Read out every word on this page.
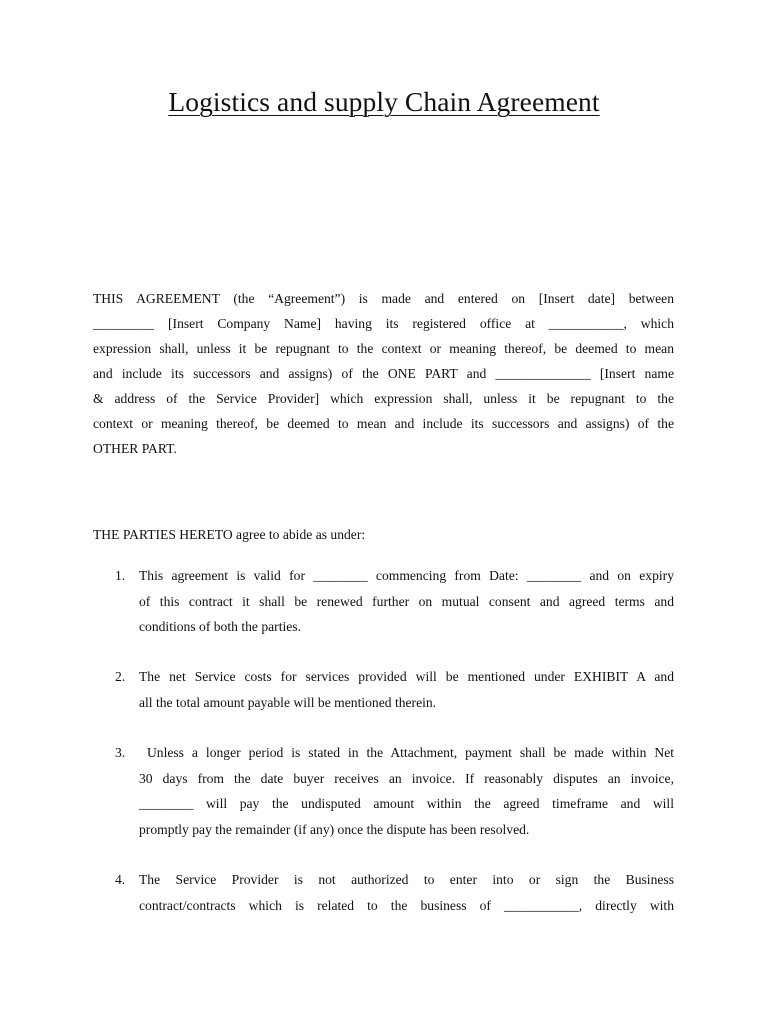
Logistics and supply Chain Agreement
THIS AGREEMENT (the “Agreement”) is made and entered on [Insert date] between
_________ [Insert Company Name] having its registered office at ___________, which
expression shall, unless it be repugnant to the context or meaning thereof, be deemed to mean
and include its successors and assigns) of the ONE PART and ______________ [Insert name
& address of the Service Provider] which expression shall, unless it be repugnant to the
context or meaning thereof, be deemed to mean and include its successors and assigns) of the
OTHER PART.
THE PARTIES HERETO agree to abide as under:
1. This agreement is valid for ________ commencing from Date: ________ and on expiry
of this contract it shall be renewed further on mutual consent and agreed terms and
conditions of both the parties.
2. The net Service costs for services provided will be mentioned under EXHIBIT A and
all the total amount payable will be mentioned therein.
3. Unless a longer period is stated in the Attachment, payment shall be made within Net
30 days from the date buyer receives an invoice. If reasonably disputes an invoice,
________ will pay the undisputed amount within the agreed timeframe and will
promptly pay the remainder (if any) once the dispute has been resolved.
4. The Service Provider is not authorized to enter into or sign the Business
contract/contracts which is related to the business of ___________, directly with
